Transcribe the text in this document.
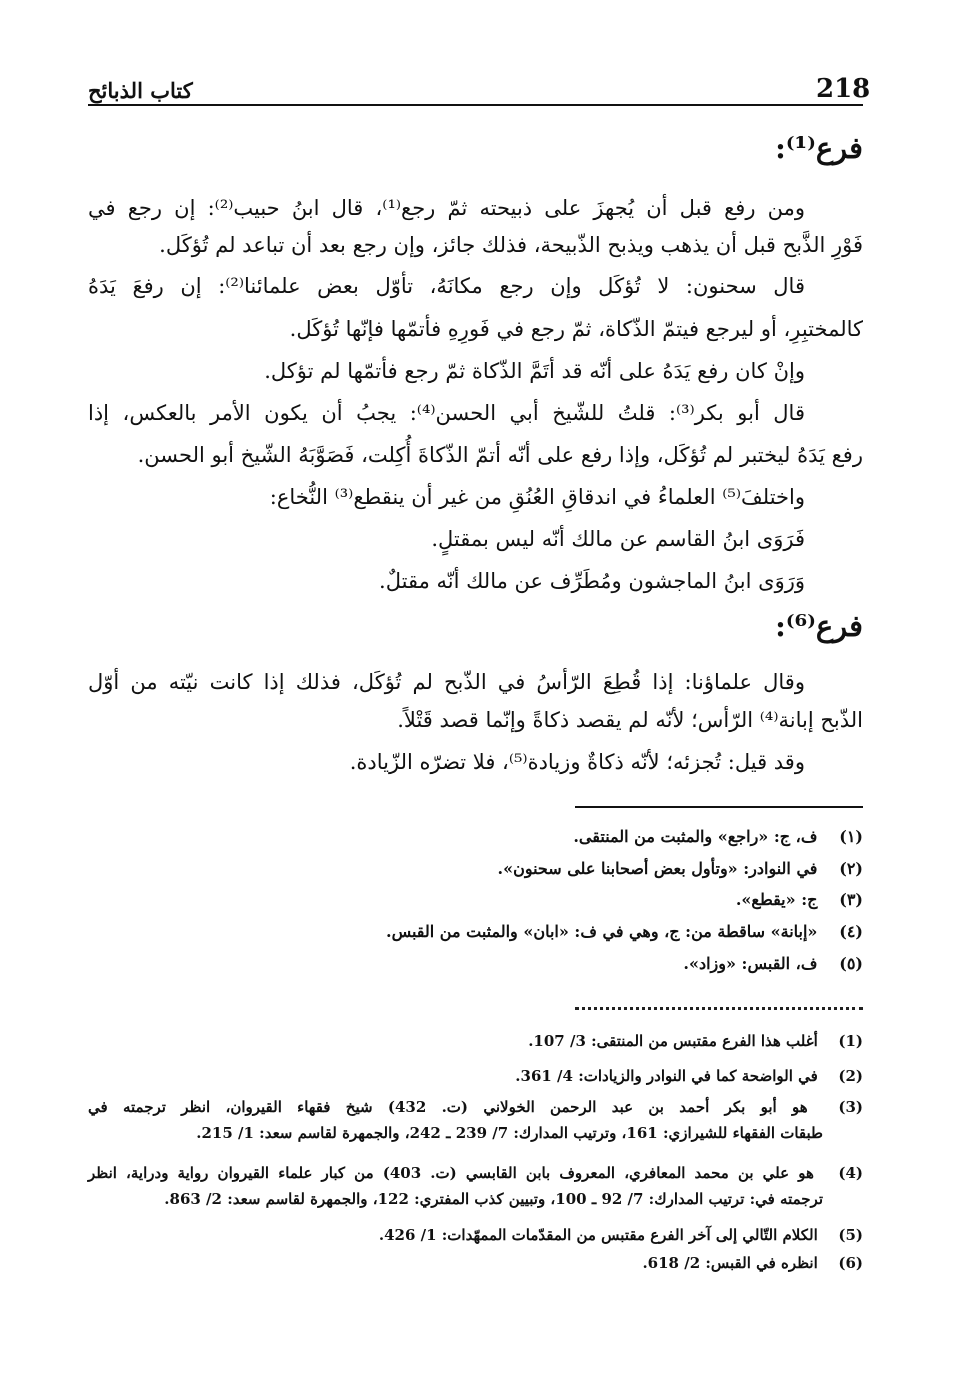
218
كتاب الذبائح
فرع⁽¹⁾:
ومن رفع قبل أن يُجهزَ على ذبيحته ثمّ رجع⁽¹⁾، قال ابنُ حبيب⁽²⁾: إن رجع في
فَوْرِ الذَّبح قبل أن يذهب ويذبح الذّبيحة، فذلك جائز، وإن رجع بعد أن تباعد لم تُؤكَل.
قال سحنون: لا تُؤكَل وإن رجع مكانَهُ، تأوّل بعض علمائنا⁽²⁾: إن رفعَ يَدَهُ
كالمختبِرِ، أو ليرجع فيتمّ الذّكاة، ثمّ رجع في فَورِهِ فأتمّها فإنّها تُؤكَل.
وإنْ كان رفع يَدَهُ على أنّه قد أتَمَّ الذّكاة ثمّ رجع فأتمّها لم تؤكل.
قال أبو بكر⁽³⁾: قلتُ للشّيخ أبي الحسن⁽⁴⁾: يجبُ أن يكون الأمر بالعكس، إذا
رفع يَدَهُ ليختبر لم تُؤكَل، وإذا رفع على أنّه أتمّ الذّكاةَ أُكِلت، فَصَوَّبَهُ الشّيخ أبو الحسن.
واختلفَ⁽⁵⁾ العلماءُ في اندقاقِ العُنُقِ من غير أن ينقطع⁽³⁾ النُّخاع:
فَرَوَى ابنُ القاسم عن مالك أنّه ليس بمقتلٍ.
وَرَوَى ابنُ الماجشون ومُطَرِّف عن مالك أنّه مقتلٌ.
فرع⁽⁶⁾:
وقال علماؤنا: إذا قُطِعَ الرّأسُ في الذّبح لم تُؤكَل، فذلك إذا كانت نيّته من أوّل
الذّبح إبانة⁽⁴⁾ الرّأس؛ لأنّه لم يقصد ذكاةً وإنّما قصد قَتْلاً.
وقد قيل: تُجزئه؛ لأنّه ذكاةٌ وزيادة⁽⁵⁾، فلا تضرّه الزّيادة.
(١) ف، ج: «راجع» والمثبت من المنتقى.
(٢) في النوادر: «وتأول بعض أصحابنا على سحنون».
(٣) ج: «يقطع».
(٤) «إبانة» ساقطة من: ج، وهي في ف: «ابان» والمثبت من القبس.
(٥) ف، القبس: «وزاد».
(1) أغلب هذا الفرع مقتبس من المنتقى: 3/ 107.
(2) في الواضحة كما في النوادر والزيادات: 4/ 361.
(3) هو أبو بكر أحمد بن عبد الرحمن الخولاني (ت. 432) شيخ فقهاء القيروان، انظر ترجمته في
طبقات الفقهاء للشيرازي: 161، وترتيب المدارك: 7/ 239 ـ 242، والجمهرة لقاسم سعد: 1/ 215.
(4) هو علي بن محمد المعافري، المعروف بابن القابسي (ت. 403) من كبار علماء القيروان رواية ودراية، انظر
ترجمته في: ترتيب المدارك: 7/ 92 ـ 100، وتبيين كذب المفتري: 122، والجمهرة لقاسم سعد: 2/ 863.
(5) الكلام التّالي إلى آخر الفرع مقتبس من المقدّمات الممهّدات: 1/ 426.
(6) انظره في القبس: 2/ 618.
